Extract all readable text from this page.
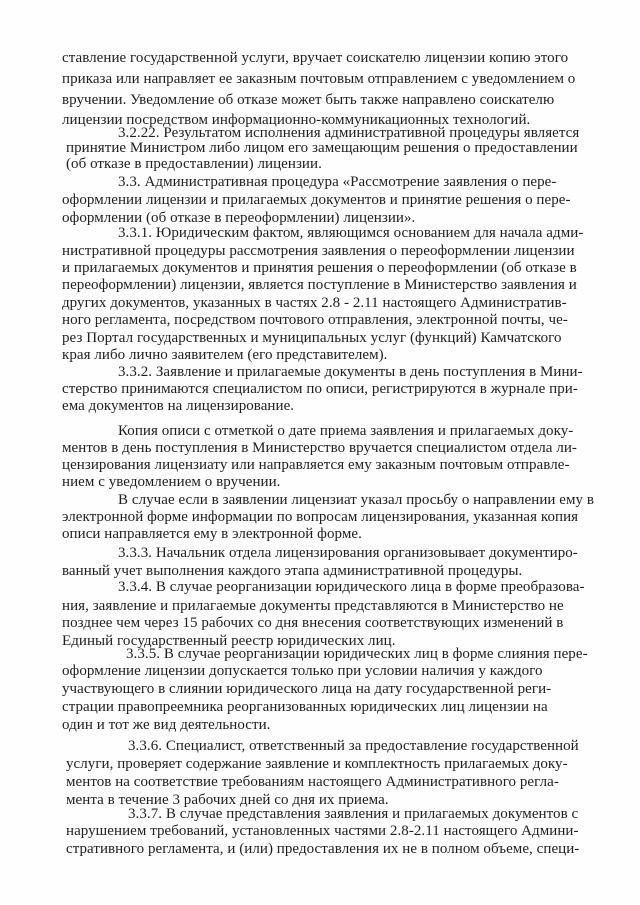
ставление государственной услуги, вручает соискателю лицензии копию этого
приказа или направляет ее заказным почтовым отправлением с уведомлением о
вручении. Уведомление об отказе может быть также направлено соискателю
лицензии посредством информационно-коммуникационных технологий.
3.2.22. Результатом исполнения административной процедуры является
принятие Министром либо лицом его замещающим решения о предоставлении
(об отказе в предоставлении) лицензии.
3.3. Административная процедура «Рассмотрение заявления о пере-
оформлении лицензии и прилагаемых документов и принятие решения о пере-
оформлении (об отказе в переоформлении) лицензии».
3.3.1. Юридическим фактом, являющимся основанием для начала адми-
нистративной процедуры рассмотрения заявления о переоформлении лицензии
и прилагаемых документов и принятия решения о переоформлении (об отказе в
переоформлении) лицензии, является поступление в Министерство заявления и
других документов, указанных в частях 2.8 - 2.11 настоящего Административ-
ного регламента, посредством почтового отправления, электронной почты, че-
рез Портал государственных и муниципальных услуг (функций) Камчатского
края либо лично заявителем (его представителем).
3.3.2. Заявление и прилагаемые документы в день поступления в Мини-
стерство принимаются специалистом по описи, регистрируются в журнале при-
ема документов на лицензирование.
Копия описи с отметкой о дате приема заявления и прилагаемых доку-
ментов в день поступления в Министерство вручается специалистом отдела ли-
цензирования лицензиату или направляется ему заказным почтовым отправле-
нием с уведомлением о вручении.
В случае если в заявлении лицензиат указал просьбу о направлении ему в
электронной форме информации по вопросам лицензирования, указанная копия
описи направляется ему в электронной форме.
3.3.3. Начальник отдела лицензирования организовывает документиро-
ванный учет выполнения каждого этапа административной процедуры.
3.3.4. В случае реорганизации юридического лица в форме преобразова-
ния, заявление и прилагаемые документы представляются в Министерство не
позднее чем через 15 рабочих со дня внесения соответствующих изменений в
Единый государственный реестр юридических лиц.
3.3.5. В случае реорганизации юридических лиц в форме слияния пере-
оформление лицензии допускается только при условии наличия у каждого
участвующего в слиянии юридического лица на дату государственной реги-
страции правопреемника реорганизованных юридических лиц лицензии на
один и тот же вид деятельности.
3.3.6. Специалист, ответственный за предоставление государственной
услуги, проверяет содержание заявление и комплектность прилагаемых доку-
ментов на соответствие требованиям настоящего Административного регла-
мента в течение 3 рабочих дней со дня их приема.
3.3.7. В случае представления заявления и прилагаемых документов с
нарушением требований, установленных частями 2.8-2.11 настоящего Админи-
стративного регламента, и (или) предоставления их не в полном объеме, специ-
